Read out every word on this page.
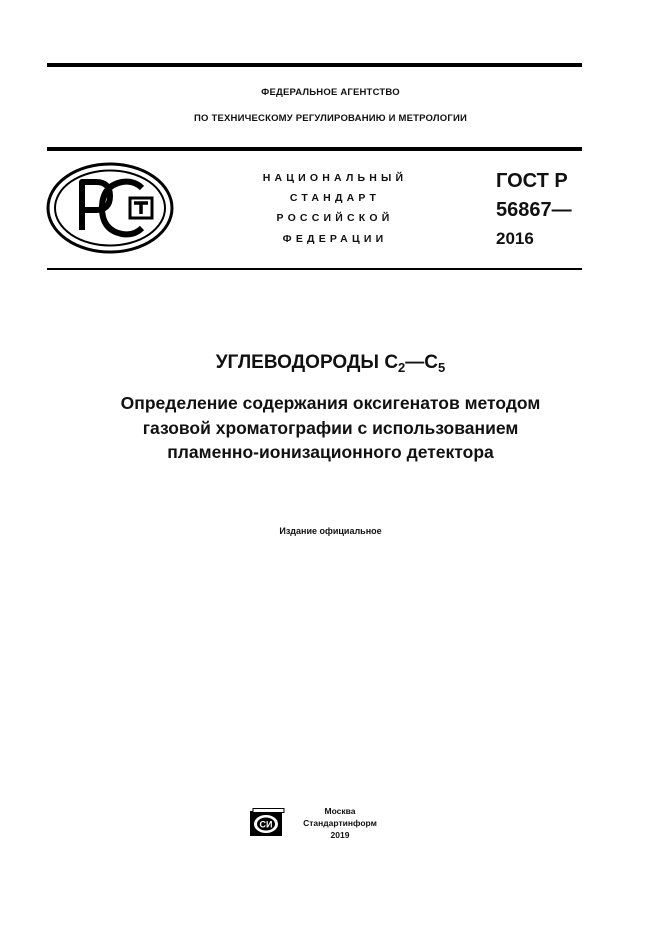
ФЕДЕРАЛЬНОЕ АГЕНТСТВО
ПО ТЕХНИЧЕСКОМУ РЕГУЛИРОВАНИЮ И МЕТРОЛОГИИ
НАЦИОНАЛЬНЫЙ
СТАНДАРТ
РОССИЙСКОЙ
ФЕДЕРАЦИИ
ГОСТ Р
56867—
2016
УГЛЕВОДОРОДЫ $С_2—С_5$
Определение содержания оксигенатов методом
газовой хроматографии с использованием
пламенно-ионизационного детектора
Издание официальное
СИ
Москва
Стандартинформ
2019
